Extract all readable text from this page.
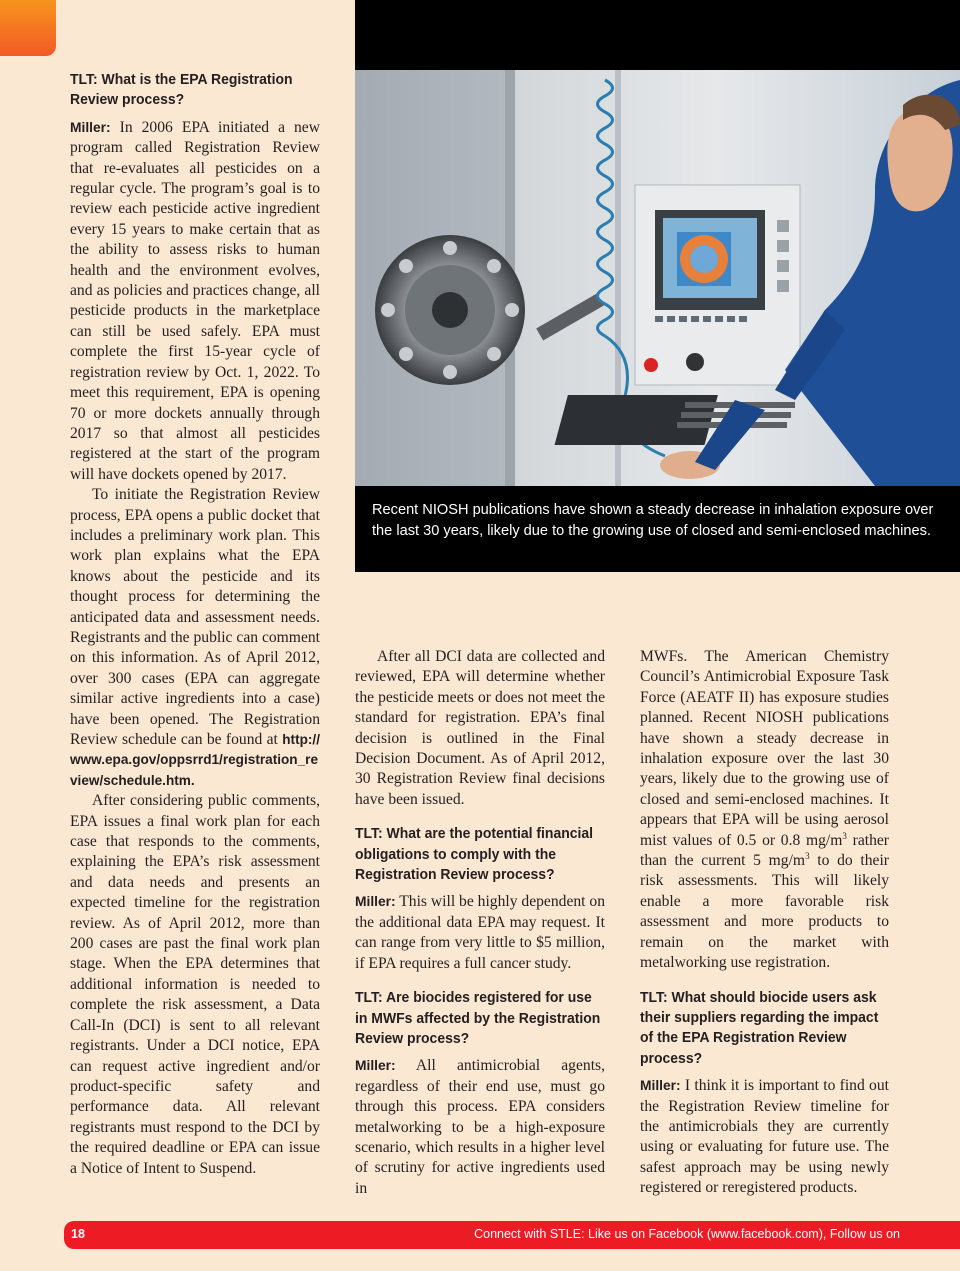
TLT: What is the EPA Registration Review process?

Miller: In 2006 EPA initiated a new program called Registration Review that re-evaluates all pesticides on a regular cycle. The program’s goal is to review each pesticide active ingredient every 15 years to make certain that as the ability to assess risks to human health and the environment evolves, and as policies and practices change, all pesticide products in the marketplace can still be used safely. EPA must complete the first 15-year cycle of registration review by Oct. 1, 2022. To meet this requirement, EPA is opening 70 or more dockets annually through 2017 so that almost all pesticides registered at the start of the program will have dockets opened by 2017.

To initiate the Registration Review process, EPA opens a public docket that includes a preliminary work plan. This work plan explains what the EPA knows about the pesticide and its thought process for determining the anticipated data and assessment needs. Registrants and the public can comment on this information. As of April 2012, over 300 cases (EPA can aggregate similar active ingredients into a case) have been opened. The Registration Review schedule can be found at http://www.epa.gov/oppsrrd1/registration_review/schedule.htm.

After considering public comments, EPA issues a final work plan for each case that responds to the comments, explaining the EPA’s risk assessment and data needs and presents an expected timeline for the registration review. As of April 2012, more than 200 cases are past the final work plan stage. When the EPA determines that additional information is needed to complete the risk assessment, a Data Call-In (DCI) is sent to all relevant registrants. Under a DCI notice, EPA can request active ingredient and/or product-specific safety and performance data. All relevant registrants must respond to the DCI by the required deadline or EPA can issue a Notice of Intent to Suspend.

Recent NIOSH publications have shown a steady decrease in inhalation exposure over the last 30 years, likely due to the growing use of closed and semi-enclosed machines.

After all DCI data are collected and reviewed, EPA will determine whether the pesticide meets or does not meet the standard for registration. EPA’s final decision is outlined in the Final Decision Document. As of April 2012, 30 Registration Review final decisions have been issued.

TLT: What are the potential financial obligations to comply with the Registration Review process?

Miller: This will be highly dependent on the additional data EPA may request. It can range from very little to $5 million, if EPA requires a full cancer study.

TLT: Are biocides registered for use in MWFs affected by the Registration Review process?

Miller: All antimicrobial agents, regardless of their end use, must go through this process. EPA considers metalworking to be a high-exposure scenario, which results in a higher level of scrutiny for active ingredients used in

MWFs. The American Chemistry Council’s Antimicrobial Exposure Task Force (AEATF II) has exposure studies planned. Recent NIOSH publications have shown a steady decrease in inhalation exposure over the last 30 years, likely due to the growing use of closed and semi-enclosed machines. It appears that EPA will be using aerosol mist values of 0.5 or 0.8 $mg/m^3$ rather than the current 5 $mg/m^3$ to do their risk assessments. This will likely enable a more favorable risk assessment and more products to remain on the market with metalworking use registration.

TLT: What should biocide users ask their suppliers regarding the impact of the EPA Registration Review process?

Miller: I think it is important to find out the Registration Review timeline for the antimicrobials they are currently using or evaluating for future use. The safest approach may be using newly registered or reregistered products.

18	Connect with STLE: Like us on Facebook (www.facebook.com), Follow us on
